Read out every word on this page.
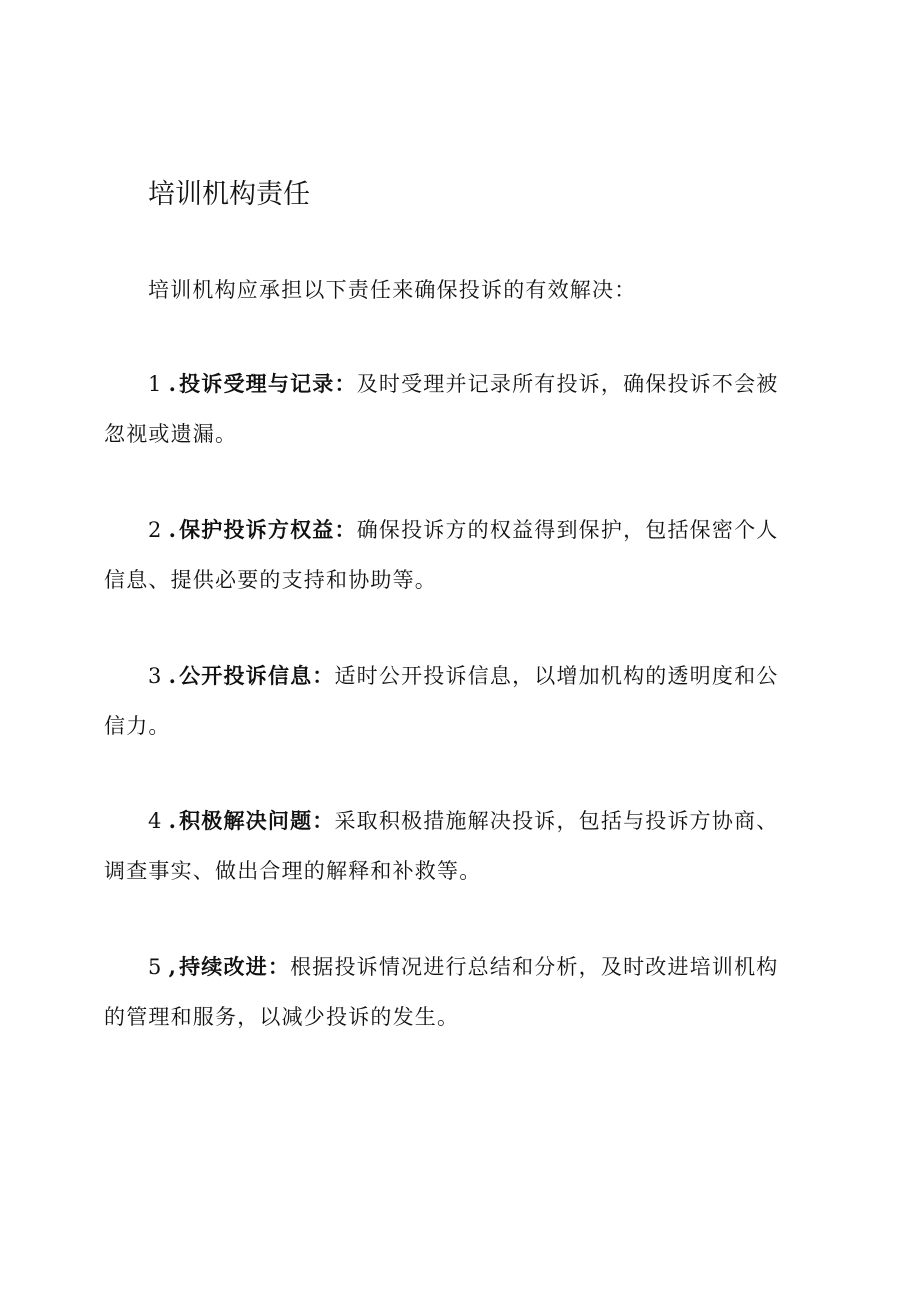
培训机构责任

培训机构应承担以下责任来确保投诉的有效解决：

1 .投诉受理与记录：及时受理并记录所有投诉，确保投诉不会被
忽视或遗漏。
2 .保护投诉方权益：确保投诉方的权益得到保护，包括保密个人
信息、提供必要的支持和协助等。
3 .公开投诉信息：适时公开投诉信息，以增加机构的透明度和公
信力。
4 .积极解决问题：采取积极措施解决投诉，包括与投诉方协商、
调查事实、做出合理的解释和补救等。
5 ,持续改进：根据投诉情况进行总结和分析，及时改进培训机构
的管理和服务，以减少投诉的发生。
